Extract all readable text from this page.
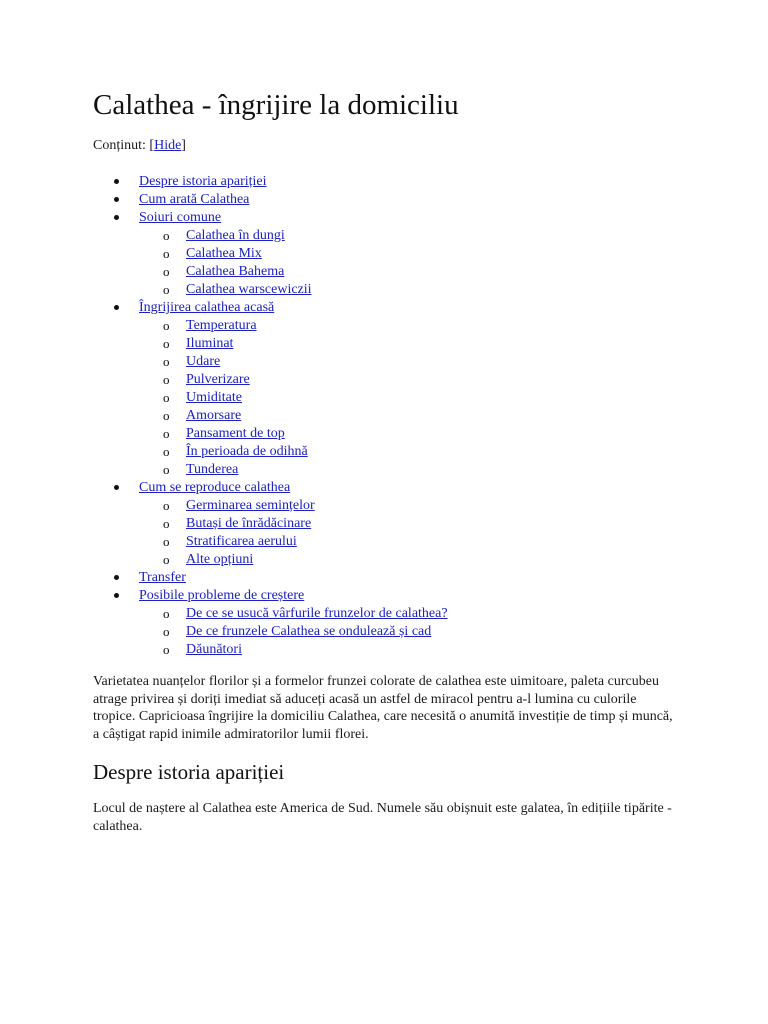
Calathea - îngrijire la domiciliu

Conținut: [Hide]

Despre istoria apariției
Cum arată Calathea
Soiuri comune
o Calathea în dungi
o Calathea Mix
o Calathea Bahema
o Calathea warscewiczii
Îngrijirea calathea acasă
o Temperatura
o Iluminat
o Udare
o Pulverizare
o Umiditate
o Amorsare
o Pansament de top
o În perioada de odihnă
o Tunderea
Cum se reproduce calathea
o Germinarea semințelor
o Butași de înrădăcinare
o Stratificarea aerului
o Alte opțiuni
Transfer
Posibile probleme de creștere
o De ce se usucă vârfurile frunzelor de calathea?
o De ce frunzele Calathea se ondulează și cad
o Dăunători

Varietatea nuanțelor florilor și a formelor frunzei colorate de calathea este uimitoare, paleta curcubeu atrage privirea și doriți imediat să aduceți acasă un astfel de miracol pentru a-l lumina cu culorile tropice. Capricioasa îngrijire la domiciliu Calathea, care necesită o anumită investiție de timp și muncă, a câștigat rapid inimile admiratorilor lumii florei.

Despre istoria apariției

Locul de naștere al Calathea este America de Sud. Numele său obișnuit este galatea, în edițiile tipărite - calathea.
